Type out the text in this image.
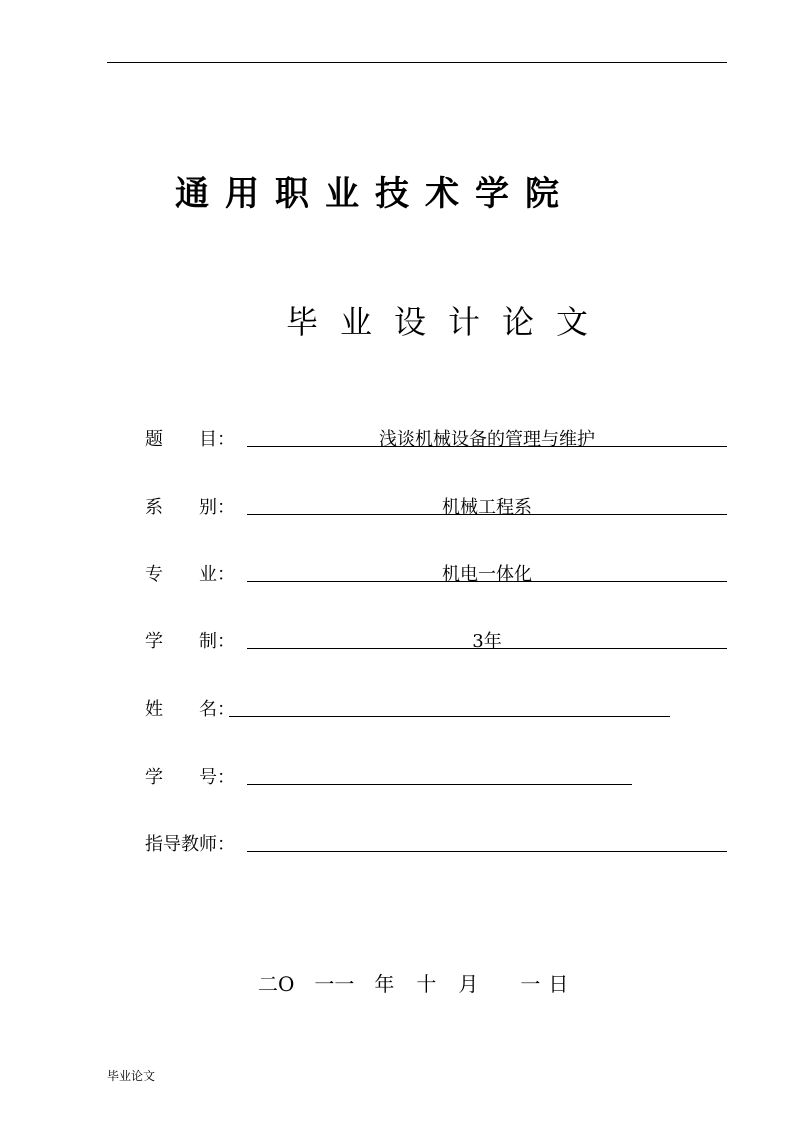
通用职业技术学院
毕业设计论文
题　　目：	浅谈机械设备的管理与维护
系　　别：	机械工程系
专　　业：	机电一体化
学　　制：	3年
姓　　名：
学　　号：
指导教师：
二O　一一 年 十 月 一 日
毕业论文
